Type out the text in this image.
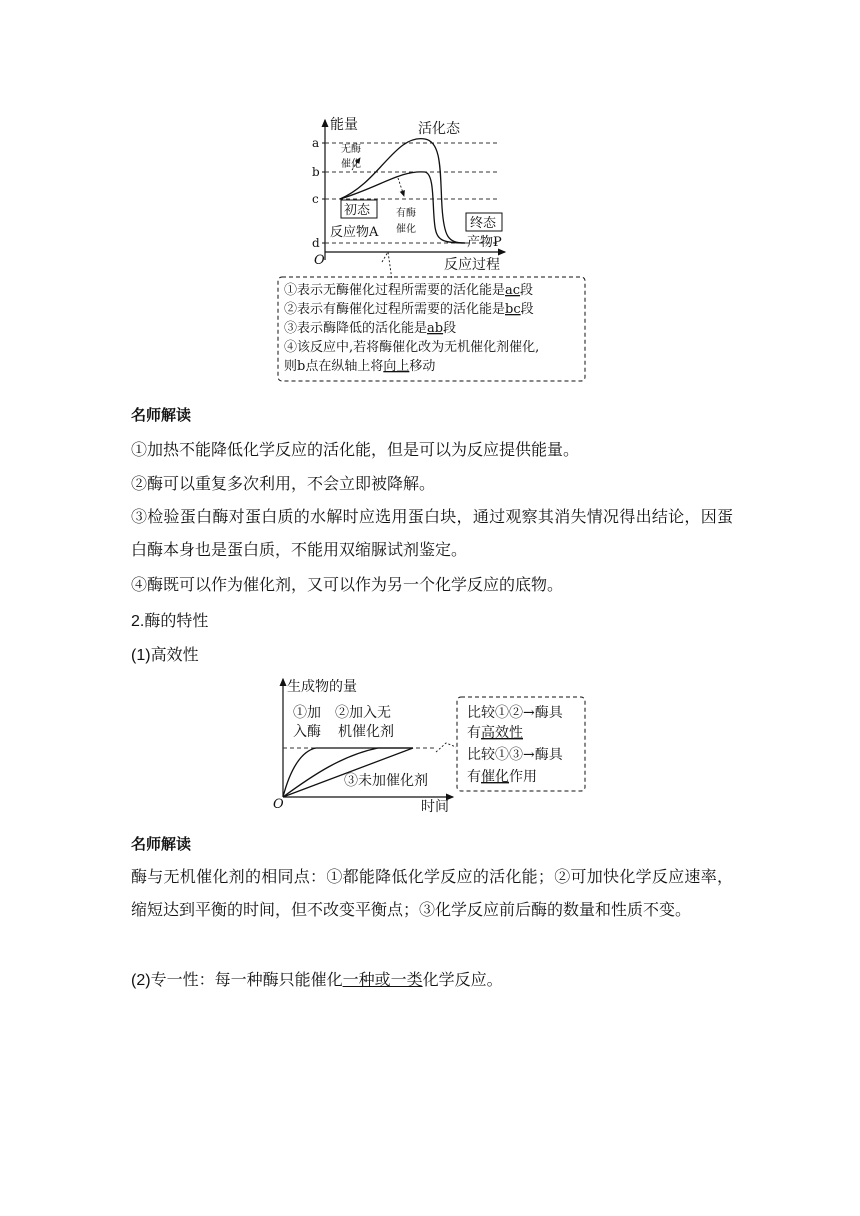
能量	活化态
a
b
c
d
O
无酶
催化
有酶
催化
初态
反应物A
终态
产物P
反应过程
①表示无酶催化过程所需要的活化能是ac段
②表示有酶催化过程所需要的活化能是bc段
③表示酶降低的活化能是ab段
④该反应中,若将酶催化改为无机催化剂催化,
则b点在纵轴上将向上移动
名师解读
①加热不能降低化学反应的活化能，但是可以为反应提供能量。
②酶可以重复多次利用，不会立即被降解。
③检验蛋白酶对蛋白质的水解时应选用蛋白块，通过观察其消失情况得出结论，因蛋白酶本身也是蛋白质，不能用双缩脲试剂鉴定。
④酶既可以作为催化剂，又可以作为另一个化学反应的底物。
2.酶的特性
(1)高效性
生成物的量
①加
入酶
②加入无
机催化剂
③未加催化剂
O	时间
比较①②→酶具
有高效性
比较①③→酶具
有催化作用
名师解读
酶与无机催化剂的相同点：①都能降低化学反应的活化能；②可加快化学反应速率，缩短达到平衡的时间，但不改变平衡点；③化学反应前后酶的数量和性质不变。
(2)专一性：每一种酶只能催化一种或一类化学反应。
